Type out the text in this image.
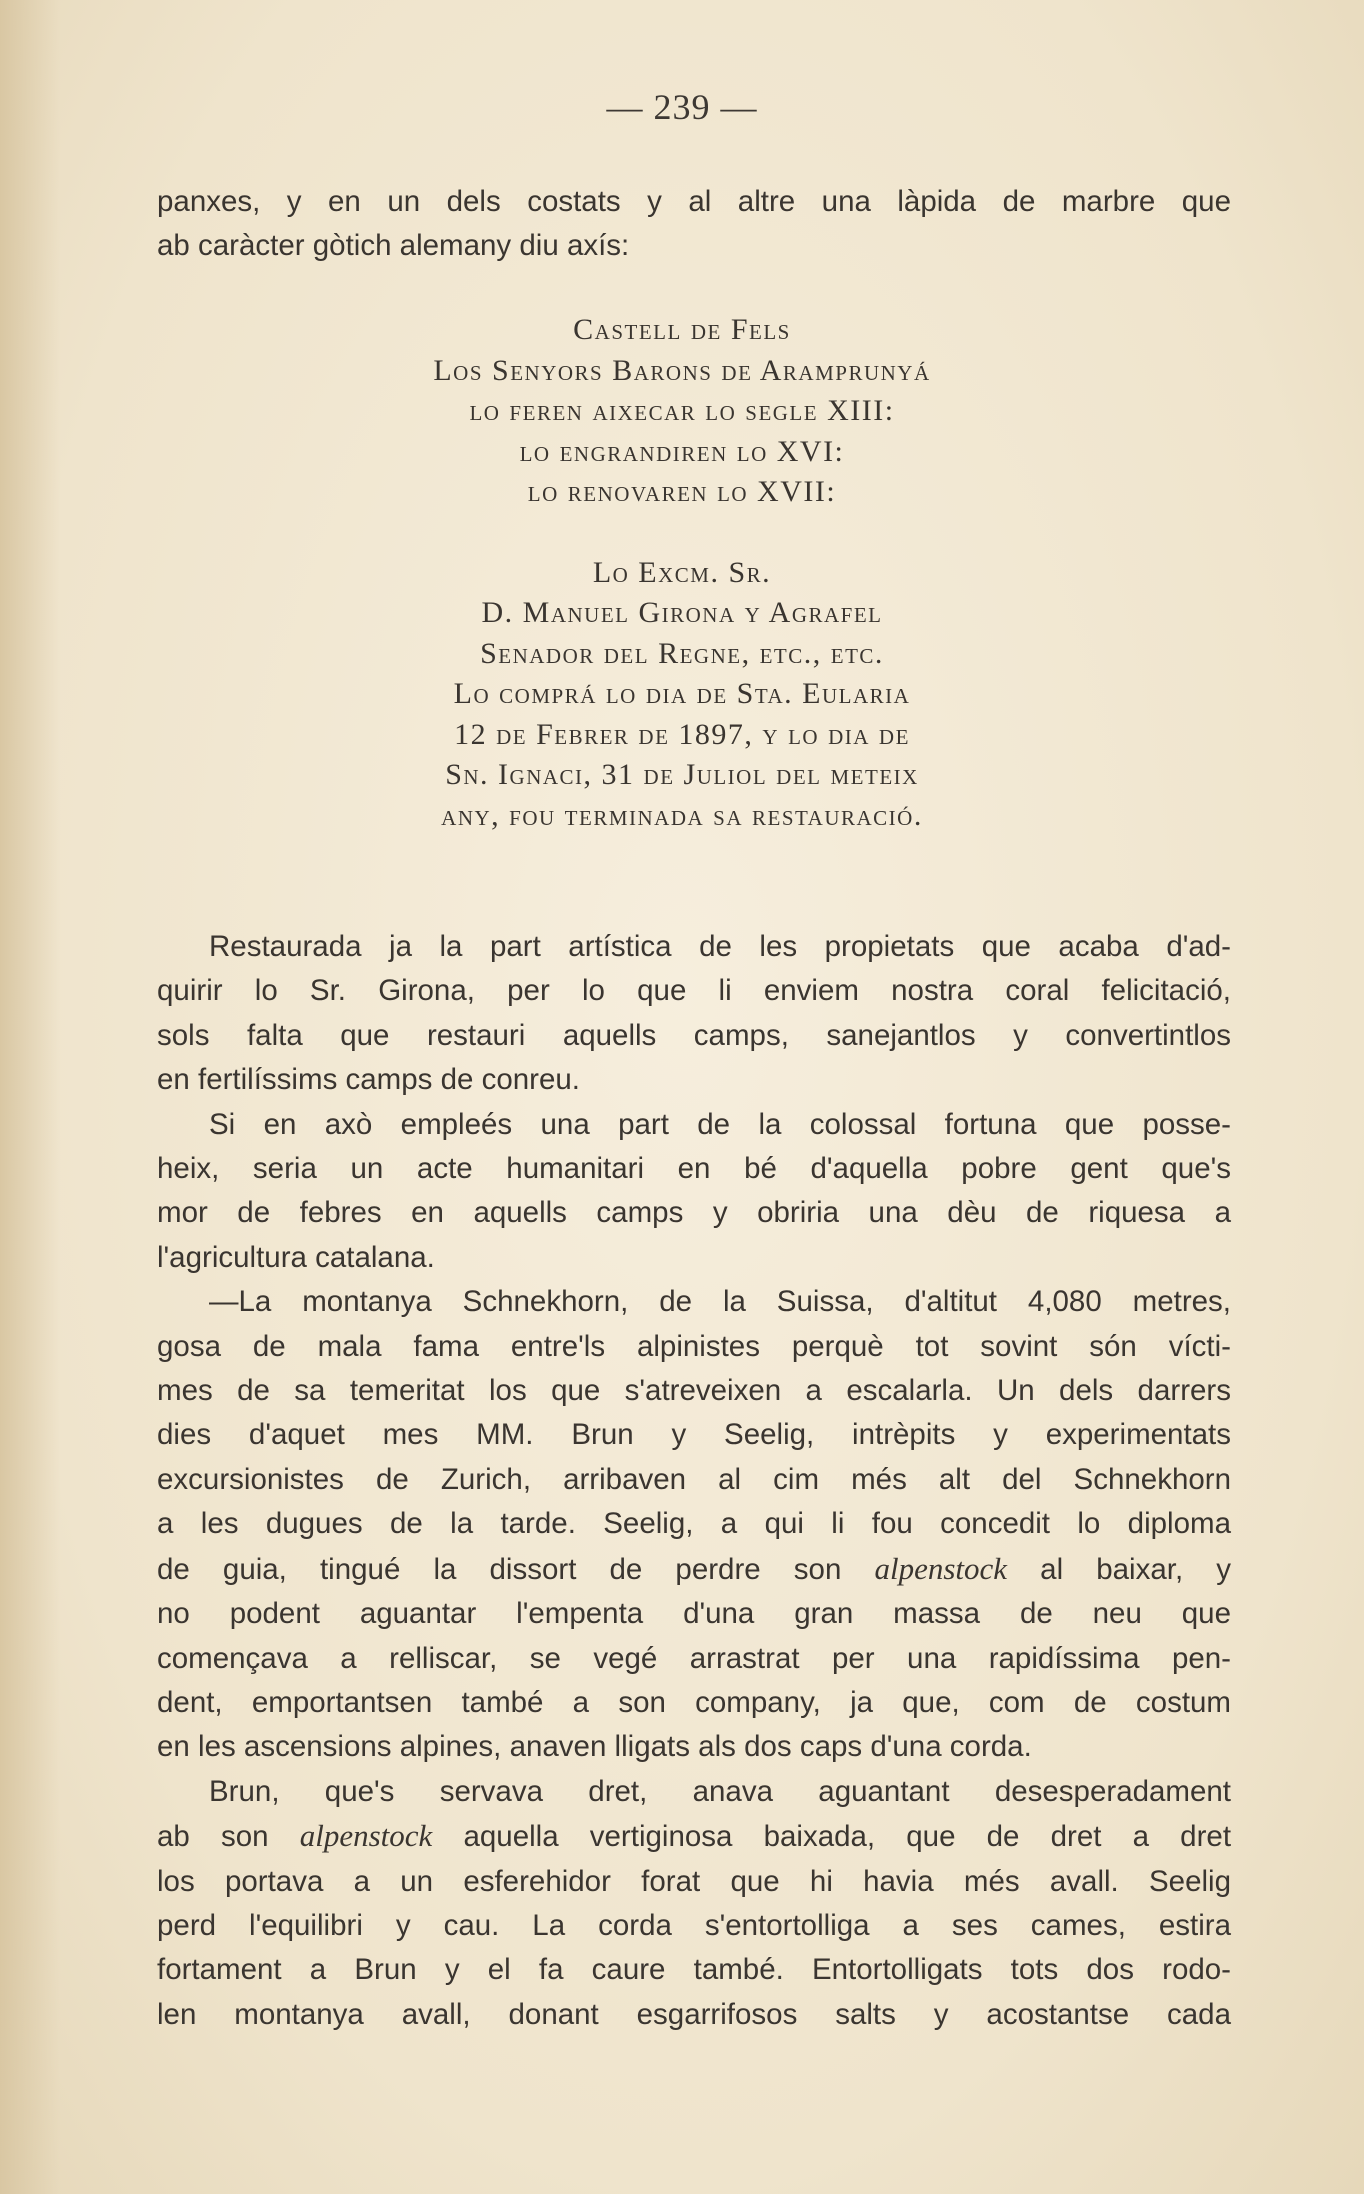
— 239 —

panxes, y en un dels costats y al altre una làpida de marbre que

ab caràcter gòtich alemany diu axís:

Castell de Fels
Los Senyors Barons de Aramprunyá
lo feren aixecar lo segle XIII:
lo engrandiren lo XVI:
lo renovaren lo XVII:
Lo Excm. Sr.
D. Manuel Girona y Agrafel
Senador del Regne, etc., etc.
Lo comprá lo dia de Sta. Eularia
12 de Febrer de 1897, y lo dia de
Sn. Ignaci, 31 de Juliol del meteix
any, fou terminada sa restauració.

Restaurada ja la part artística de les propietats que acaba d'ad-

quirir lo Sr. Girona, per lo que li enviem nostra coral felicitació,

sols falta que restauri aquells camps, sanejantlos y convertintlos

en fertilíssims camps de conreu.

Si en axò empleés una part de la colossal fortuna que posse-

heix, seria un acte humanitari en bé d'aquella pobre gent que's

mor de febres en aquells camps y obriria una dèu de riquesa a

l'agricultura catalana.

—La montanya Schnekhorn, de la Suissa, d'altitut 4,080 metres,

gosa de mala fama entre'ls alpinistes perquè tot sovint són vícti-

mes de sa temeritat los que s'atreveixen a escalarla. Un dels darrers

dies d'aquet mes MM. Brun y Seelig, intrèpits y experimentats

excursionistes de Zurich, arribaven al cim més alt del Schnekhorn

a les dugues de la tarde. Seelig, a qui li fou concedit lo diploma

de guia, tingué la dissort de perdre son alpenstock al baixar, y

no podent aguantar l'empenta d'una gran massa de neu que

començava a relliscar, se vegé arrastrat per una rapidíssima pen-

dent, emportantsen també a son company, ja que, com de costum

en les ascensions alpines, anaven lligats als dos caps d'una corda.

Brun, que's servava dret, anava aguantant desesperadament

ab son alpenstock aquella vertiginosa baixada, que de dret a dret

los portava a un esferehidor forat que hi havia més avall. Seelig

perd l'equilibri y cau. La corda s'entortolliga a ses cames, estira

fortament a Brun y el fa caure també. Entortolligats tots dos rodo-

len montanya avall, donant esgarrifosos salts y acostantse cada
